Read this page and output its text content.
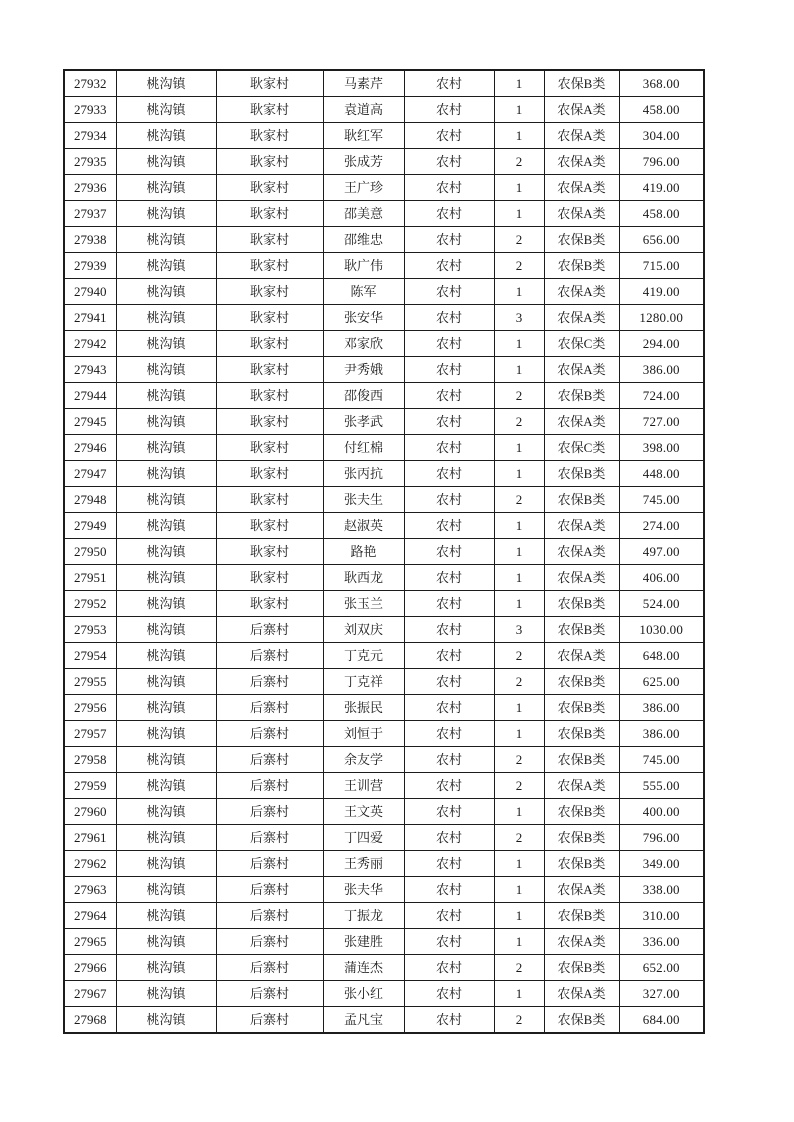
27932	桃沟镇	耿家村	马素芹	农村	1	农保B类	368.00
27933	桃沟镇	耿家村	袁道高	农村	1	农保A类	458.00
27934	桃沟镇	耿家村	耿红军	农村	1	农保A类	304.00
27935	桃沟镇	耿家村	张成芳	农村	2	农保A类	796.00
27936	桃沟镇	耿家村	王广珍	农村	1	农保A类	419.00
27937	桃沟镇	耿家村	邵美意	农村	1	农保A类	458.00
27938	桃沟镇	耿家村	邵维忠	农村	2	农保B类	656.00
27939	桃沟镇	耿家村	耿广伟	农村	2	农保B类	715.00
27940	桃沟镇	耿家村	陈军	农村	1	农保A类	419.00
27941	桃沟镇	耿家村	张安华	农村	3	农保A类	1280.00
27942	桃沟镇	耿家村	邓家欣	农村	1	农保C类	294.00
27943	桃沟镇	耿家村	尹秀娥	农村	1	农保A类	386.00
27944	桃沟镇	耿家村	邵俊西	农村	2	农保B类	724.00
27945	桃沟镇	耿家村	张孝武	农村	2	农保A类	727.00
27946	桃沟镇	耿家村	付红棉	农村	1	农保C类	398.00
27947	桃沟镇	耿家村	张丙抗	农村	1	农保B类	448.00
27948	桃沟镇	耿家村	张夫生	农村	2	农保B类	745.00
27949	桃沟镇	耿家村	赵淑英	农村	1	农保A类	274.00
27950	桃沟镇	耿家村	路艳	农村	1	农保A类	497.00
27951	桃沟镇	耿家村	耿西龙	农村	1	农保A类	406.00
27952	桃沟镇	耿家村	张玉兰	农村	1	农保B类	524.00
27953	桃沟镇	后寨村	刘双庆	农村	3	农保B类	1030.00
27954	桃沟镇	后寨村	丁克元	农村	2	农保A类	648.00
27955	桃沟镇	后寨村	丁克祥	农村	2	农保B类	625.00
27956	桃沟镇	后寨村	张振民	农村	1	农保B类	386.00
27957	桃沟镇	后寨村	刘恒于	农村	1	农保B类	386.00
27958	桃沟镇	后寨村	余友学	农村	2	农保B类	745.00
27959	桃沟镇	后寨村	王训营	农村	2	农保A类	555.00
27960	桃沟镇	后寨村	王文英	农村	1	农保B类	400.00
27961	桃沟镇	后寨村	丁四爱	农村	2	农保B类	796.00
27962	桃沟镇	后寨村	王秀丽	农村	1	农保B类	349.00
27963	桃沟镇	后寨村	张夫华	农村	1	农保A类	338.00
27964	桃沟镇	后寨村	丁振龙	农村	1	农保B类	310.00
27965	桃沟镇	后寨村	张建胜	农村	1	农保A类	336.00
27966	桃沟镇	后寨村	蒲连杰	农村	2	农保B类	652.00
27967	桃沟镇	后寨村	张小红	农村	1	农保A类	327.00
27968	桃沟镇	后寨村	孟凡宝	农村	2	农保B类	684.00
